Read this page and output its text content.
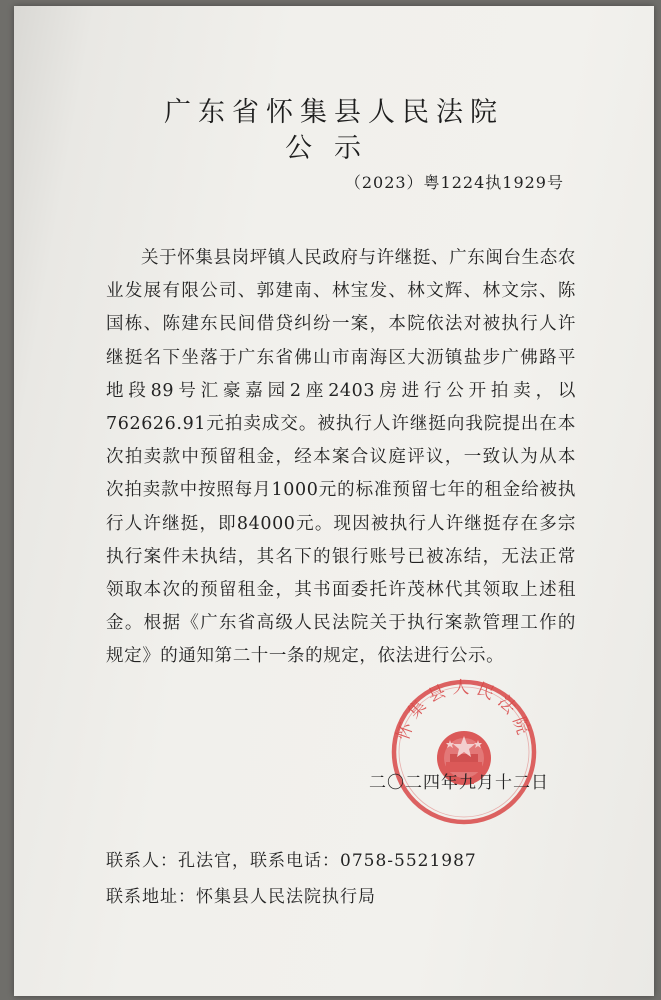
广东省怀集县人民法院
公示
（2023）粤1224执1929号

关于怀集县岗坪镇人民政府与许继挺、广东闽台生态农业发展有限公司、郭建南、林宝发、林文辉、林文宗、陈国栋、陈建东民间借贷纠纷一案，本院依法对被执行人许继挺名下坐落于广东省佛山市南海区大沥镇盐步广佛路平地段89号汇豪嘉园2座2403房进行公开拍卖，以762626.91元拍卖成交。被执行人许继挺向我院提出在本次拍卖款中预留租金，经本案合议庭评议，一致认为从本次拍卖款中按照每月1000元的标准预留七年的租金给被执行人许继挺，即84000元。现因被执行人许继挺存在多宗执行案件未执结，其名下的银行账号已被冻结，无法正常领取本次的预留租金，其书面委托许茂林代其领取上述租金。根据《广东省高级人民法院关于执行案款管理工作的规定》的通知第二十一条的规定，依法进行公示。

怀集县人民法院
二〇二四年九月十二日
联系人：孔法官，联系电话：0758-5521987
联系地址：怀集县人民法院执行局
